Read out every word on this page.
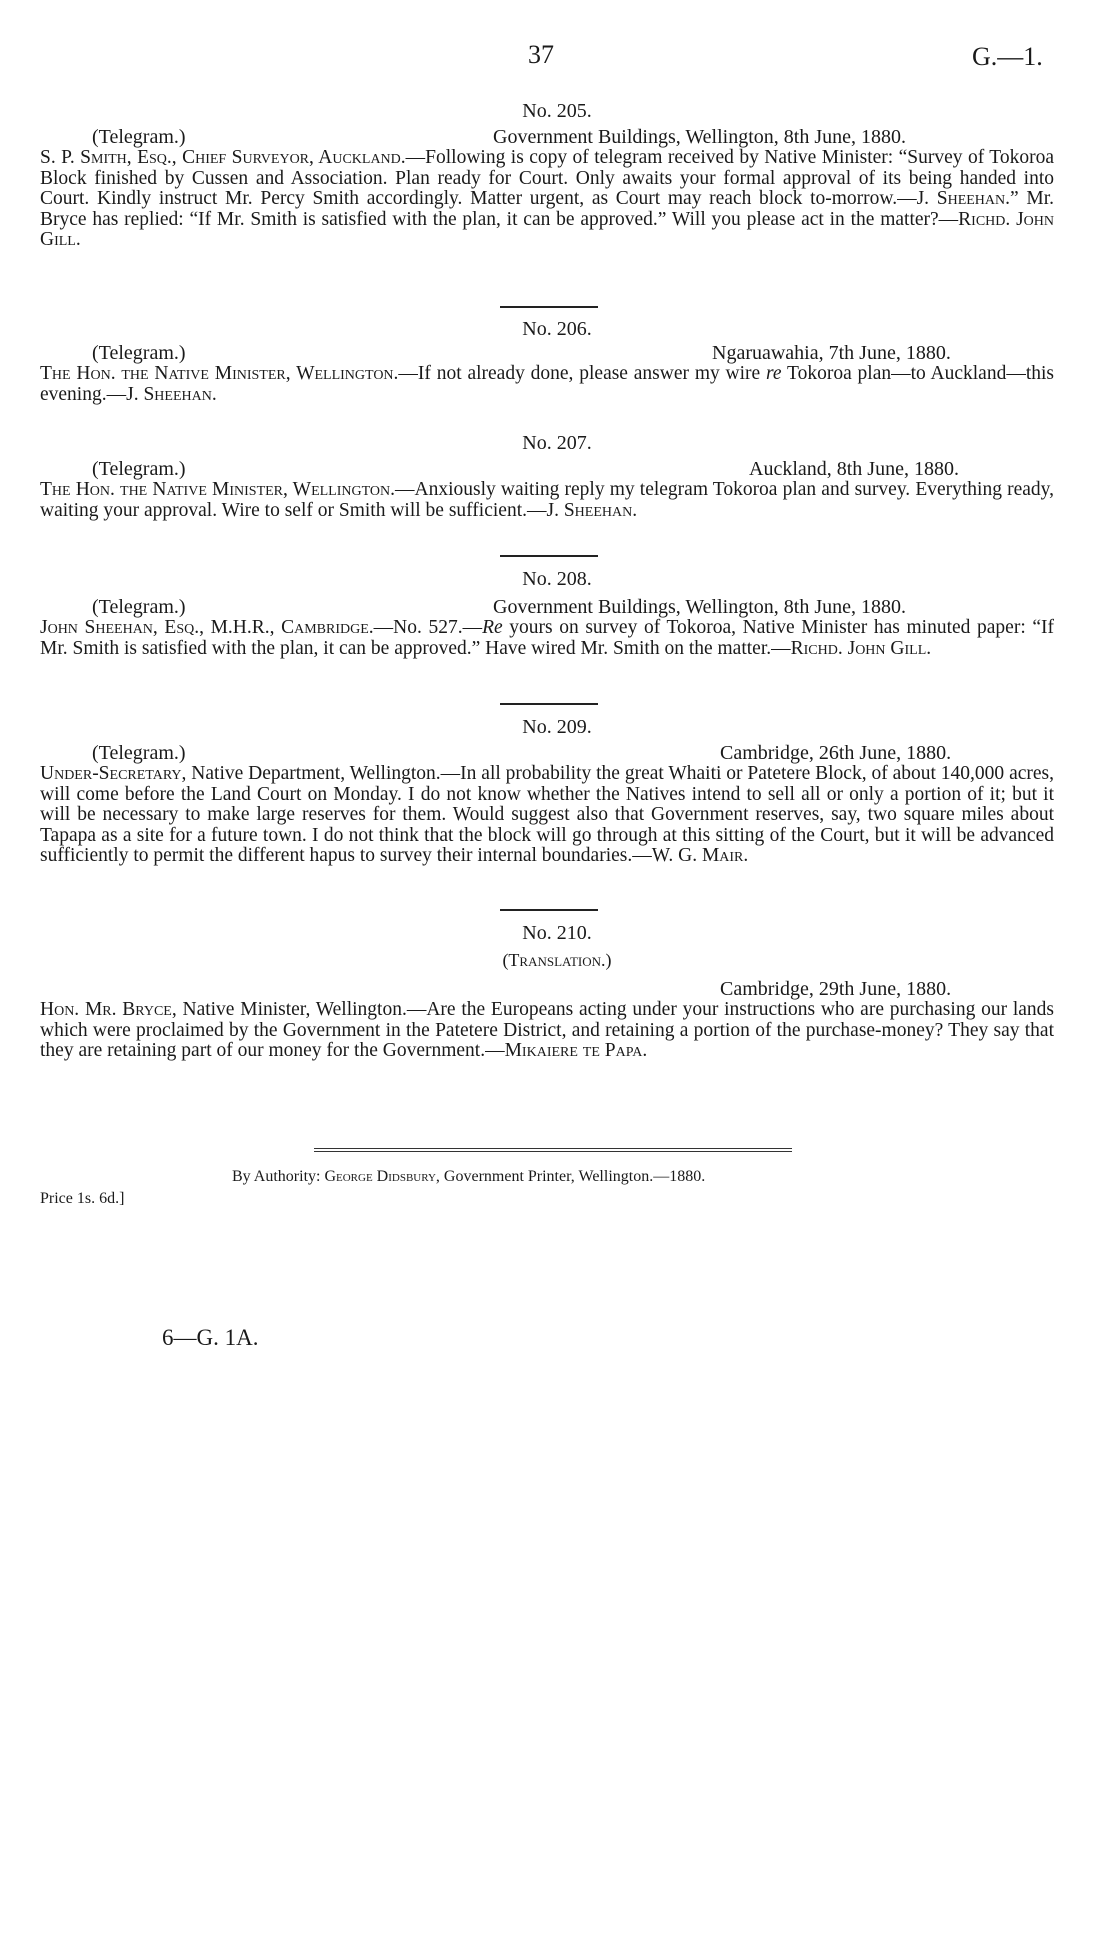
37	G.—1.
No. 205.
(Telegram.)	Government Buildings, Wellington, 8th June, 1880.
S. P. Smith, Esq., Chief Surveyor, Auckland.—Following is copy of telegram received by Native Minister: “Survey of Tokoroa Block finished by Cussen and Association. Plan ready for Court. Only awaits your formal approval of its being handed into Court. Kindly instruct Mr. Percy Smith accordingly. Matter urgent, as Court may reach block to-morrow.—J. Sheehan.” Mr. Bryce has replied: “If Mr. Smith is satisfied with the plan, it can be approved.” Will you please act in the matter?—Richd. John Gill.
No. 206.
(Telegram.)	Ngaruawahia, 7th June, 1880.
The Hon. the Native Minister, Wellington.—If not already done, please answer my wire re Tokoroa plan—to Auckland—this evening.—J. Sheehan.
No. 207.
(Telegram.)	Auckland, 8th June, 1880.
The Hon. the Native Minister, Wellington.—Anxiously waiting reply my telegram Tokoroa plan and survey. Everything ready, waiting your approval. Wire to self or Smith will be sufficient.—J. Sheehan.
No. 208.
(Telegram.)	Government Buildings, Wellington, 8th June, 1880.
John Sheehan, Esq., M.H.R., Cambridge.—No. 527.—Re yours on survey of Tokoroa, Native Minister has minuted paper: “If Mr. Smith is satisfied with the plan, it can be approved.” Have wired Mr. Smith on the matter.—Richd. John Gill.
No. 209.
(Telegram.)	Cambridge, 26th June, 1880.
Under-Secretary, Native Department, Wellington.—In all probability the great Whaiti or Patetere Block, of about 140,000 acres, will come before the Land Court on Monday. I do not know whether the Natives intend to sell all or only a portion of it; but it will be necessary to make large reserves for them. Would suggest also that Government reserves, say, two square miles about Tapapa as a site for a future town. I do not think that the block will go through at this sitting of the Court, but it will be advanced sufficiently to permit the different hapus to survey their internal boundaries.—W. G. Mair.
No. 210.
(Translation.)
Cambridge, 29th June, 1880.
Hon. Mr. Bryce, Native Minister, Wellington.—Are the Europeans acting under your instructions who are purchasing our lands which were proclaimed by the Government in the Patetere District, and retaining a portion of the purchase-money? They say that they are retaining part of our money for the Government.—Mikaiere te Papa.
By Authority: George Didsbury, Government Printer, Wellington.—1880.
Price 1s. 6d.]
6—G. 1A.
